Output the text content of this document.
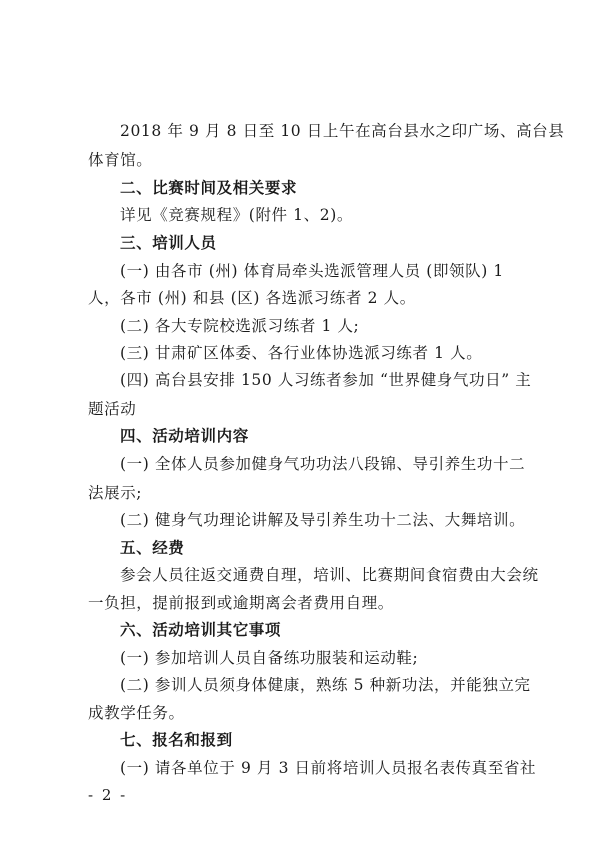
2018 年 9 月 8 日至 10 日上午在高台县水之印广场、高台县
体育馆。
二、比赛时间及相关要求
详见《竞赛规程》(附件 1、2)。
三、培训人员
(一) 由各市 (州) 体育局牵头选派管理人员 (即领队) 1
人，各市 (州) 和县 (区) 各选派习练者 2 人。
(二) 各大专院校选派习练者 1 人;
(三) 甘肃矿区体委、各行业体协选派习练者 1 人。
(四) 高台县安排 150 人习练者参加 “世界健身气功日” 主
题活动
四、活动培训内容
(一) 全体人员参加健身气功功法八段锦、导引养生功十二
法展示;
(二) 健身气功理论讲解及导引养生功十二法、大舞培训。
五、经费
参会人员往返交通费自理，培训、比赛期间食宿费由大会统
一负担，提前报到或逾期离会者费用自理。
六、活动培训其它事项
(一) 参加培训人员自备练功服装和运动鞋;
(二) 参训人员须身体健康，熟练 5 种新功法，并能独立完
成教学任务。
七、报名和报到
(一) 请各单位于 9 月 3 日前将培训人员报名表传真至省社
- 2 -
